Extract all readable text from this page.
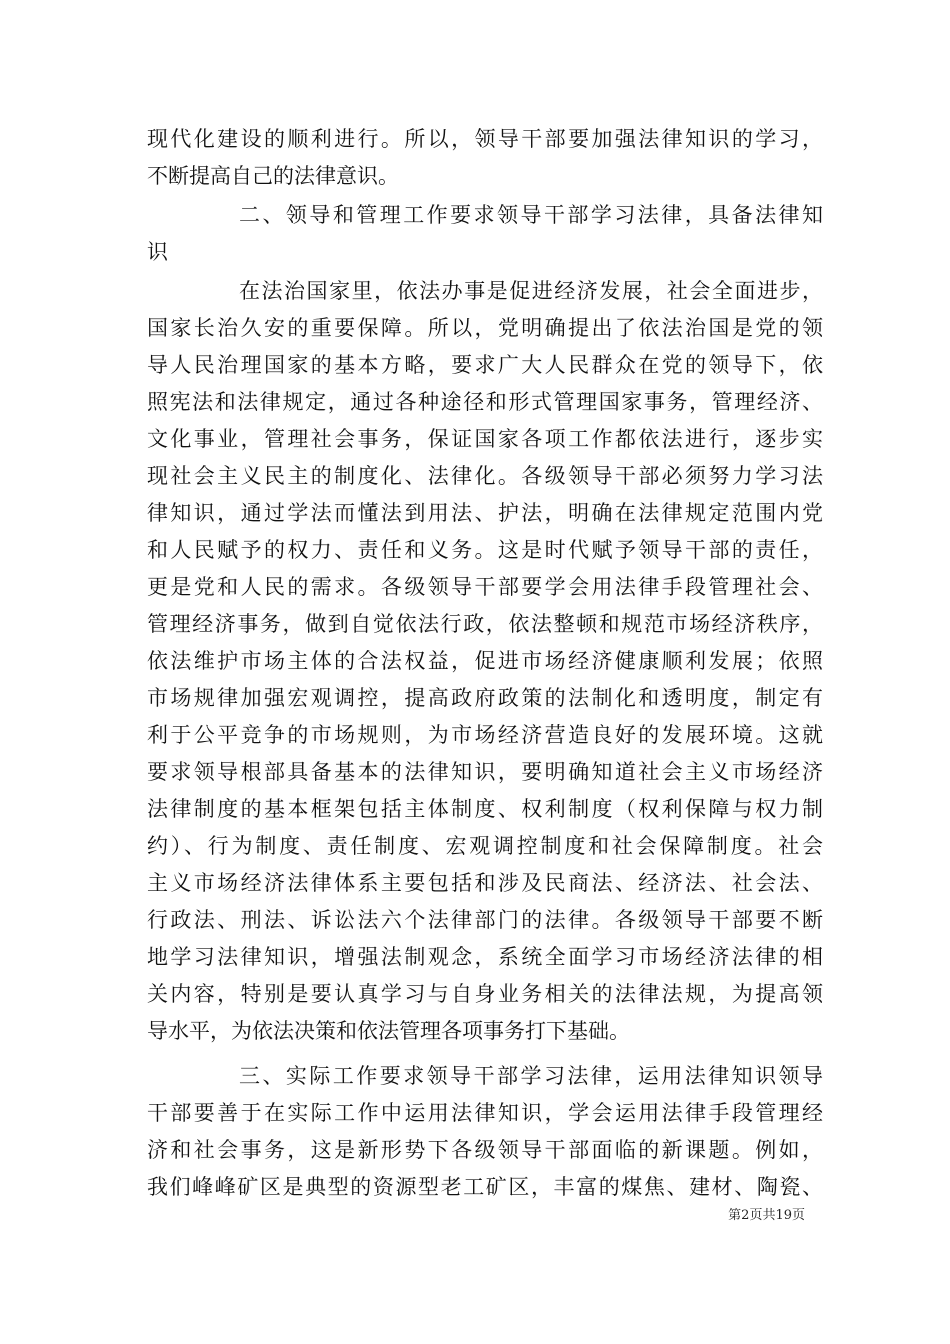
现代化建设的顺利进行。所以，领导干部要加强法律知识的学习，
不断提高自己的法律意识。
二、领导和管理工作要求领导干部学习法律，具备法律知
识
在法治国家里，依法办事是促进经济发展，社会全面进步，
国家长治久安的重要保障。所以，党明确提出了依法治国是党的领
导人民治理国家的基本方略，要求广大人民群众在党的领导下，依
照宪法和法律规定，通过各种途径和形式管理国家事务，管理经济、
文化事业，管理社会事务，保证国家各项工作都依法进行，逐步实
现社会主义民主的制度化、法律化。各级领导干部必须努力学习法
律知识，通过学法而懂法到用法、护法，明确在法律规定范围内党
和人民赋予的权力、责任和义务。这是时代赋予领导干部的责任，
更是党和人民的需求。各级领导干部要学会用法律手段管理社会、
管理经济事务，做到自觉依法行政，依法整顿和规范市场经济秩序，
依法维护市场主体的合法权益，促进市场经济健康顺利发展；依照
市场规律加强宏观调控，提高政府政策的法制化和透明度，制定有
利于公平竞争的市场规则，为市场经济营造良好的发展环境。这就
要求领导根部具备基本的法律知识，要明确知道社会主义市场经济
法律制度的基本框架包括主体制度、权利制度（权利保障与权力制
约）、行为制度、责任制度、宏观调控制度和社会保障制度。社会
主义市场经济法律体系主要包括和涉及民商法、经济法、社会法、
行政法、刑法、诉讼法六个法律部门的法律。各级领导干部要不断
地学习法律知识，增强法制观念，系统全面学习市场经济法律的相
关内容，特别是要认真学习与自身业务相关的法律法规，为提高领
导水平，为依法决策和依法管理各项事务打下基础。
三、实际工作要求领导干部学习法律，运用法律知识领导
干部要善于在实际工作中运用法律知识，学会运用法律手段管理经
济和社会事务，这是新形势下各级领导干部面临的新课题。例如，
我们峰峰矿区是典型的资源型老工矿区，丰富的煤焦、建材、陶瓷、
第2页共19页
